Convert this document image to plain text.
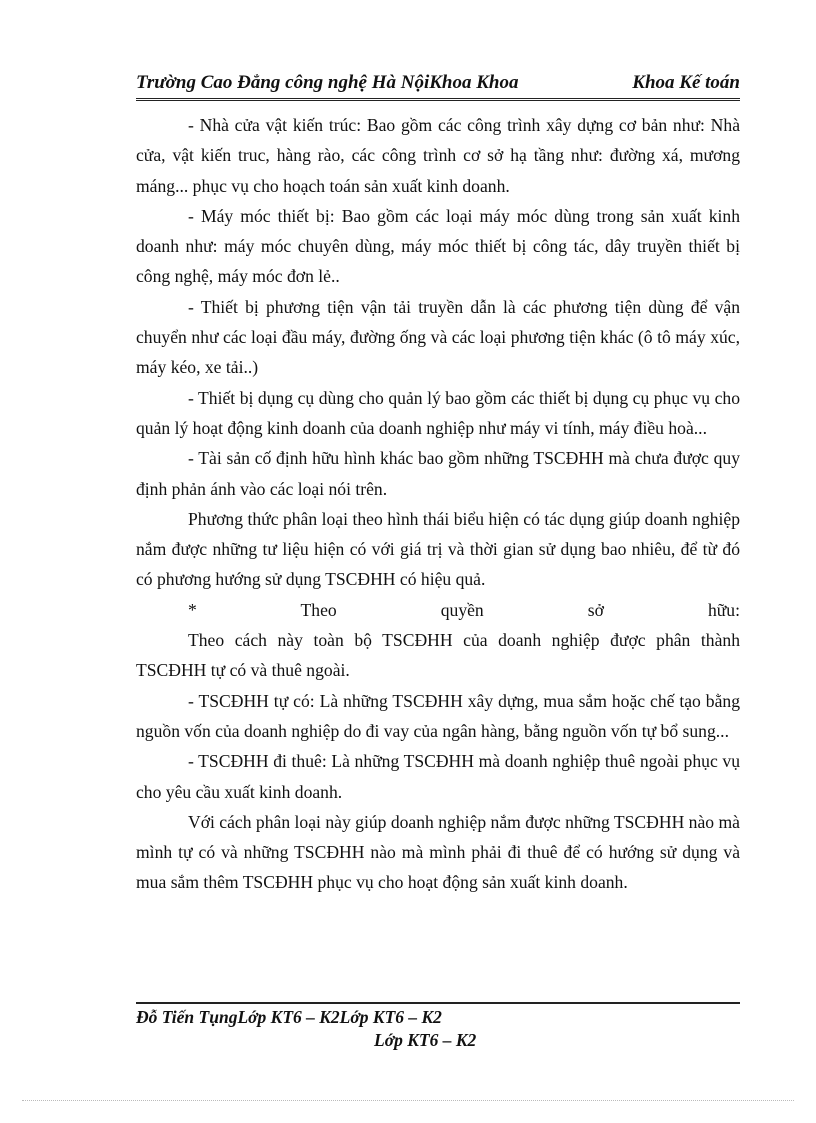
Trường Cao Đẳng công nghệ Hà NộiKhoa Khoa	Khoa Kế toán

- Nhà cửa vật kiến trúc: Bao gồm các công trình xây dựng cơ bản như: Nhà cửa, vật kiến truc, hàng rào, các công trình cơ sở hạ tầng như: đường xá, mương máng... phục vụ cho hoạch toán sản xuất kinh doanh.

- Máy móc thiết bị: Bao gồm các loại máy móc dùng trong sản xuất kinh doanh như: máy móc chuyên dùng, máy móc thiết bị công tác, dây truyền thiết bị công nghệ, máy móc đơn lẻ..

- Thiết bị phương tiện vận tải truyền dẫn là các phương tiện dùng để vận chuyển như các loại đầu máy, đường ống và các loại phương tiện khác (ô tô máy xúc, máy kéo, xe tải..)

- Thiết bị dụng cụ dùng cho quản lý bao gồm các thiết bị dụng cụ phục vụ cho quản lý hoạt động kinh doanh của doanh nghiệp như máy vi tính, máy điều hoà...

- Tài sản cố định hữu hình khác bao gồm những TSCĐHH mà chưa được quy định phản ánh vào các loại nói trên.

Phương thức phân loại theo hình thái biểu hiện có tác dụng giúp doanh nghiệp nắm được những tư liệu hiện có với giá trị và thời gian sử dụng bao nhiêu, để từ đó có phương hướng sử dụng TSCĐHH có hiệu quả.

* Theo quyền sở hữu:

Theo cách này toàn bộ TSCĐHH của doanh nghiệp được phân thành TSCĐHH tự có và thuê ngoài.

- TSCĐHH tự có: Là những TSCĐHH xây dựng, mua sắm hoặc chế tạo bằng nguồn vốn của doanh nghiệp do đi vay của ngân hàng, bằng nguồn vốn tự bổ sung...

- TSCĐHH đi thuê: Là những TSCĐHH mà doanh nghiệp thuê ngoài phục vụ cho yêu cầu xuất kinh doanh.

Với cách phân loại này giúp doanh nghiệp nắm được những TSCĐHH nào mà mình tự có và những TSCĐHH nào mà mình phải đi thuê để có hướng sử dụng và mua sắm thêm TSCĐHH phục vụ cho hoạt động sản xuất kinh doanh.

Đỗ Tiến TụngLớp KT6 – K2Lớp KT6 – K2
Lớp KT6 – K2
